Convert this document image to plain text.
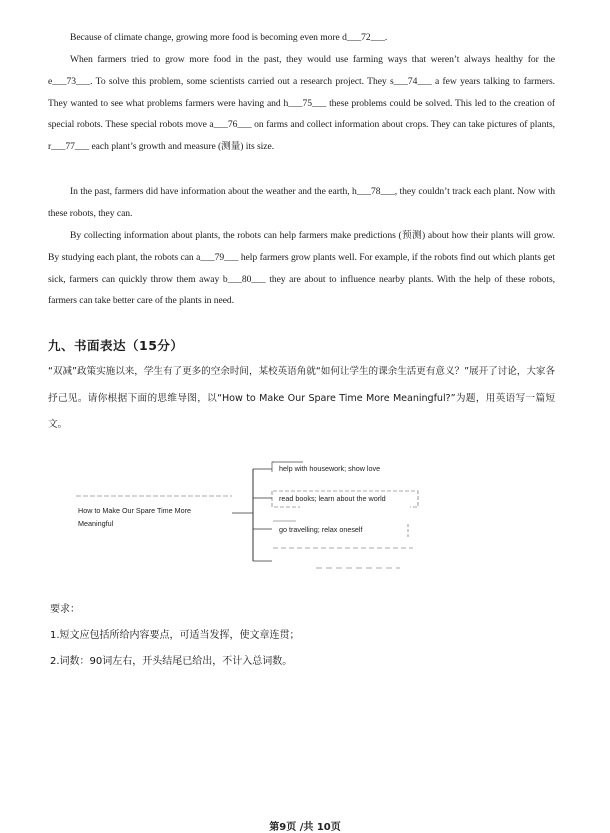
Because of climate change, growing more food is becoming even more d___72___.
When farmers tried to grow more food in the past, they would use farming ways that weren’t always healthy for the e___73___. To solve this problem, some scientists carried out a research project. They s___74___ a few years talking to farmers. They wanted to see what problems farmers were having and h___75___ these problems could be solved. This led to the creation of special robots. These special robots move a___76___ on farms and collect information about crops. They can take pictures of plants, r___77___ each plant’s growth and measure (测量) its size.
In the past, farmers did have information about the weather and the earth, h___78___, they couldn’t track each plant. Now with these robots, they can.
By collecting information about plants, the robots can help farmers make predictions (预测) about how their plants will grow. By studying each plant, the robots can a___79___ help farmers grow plants well. For example, if the robots find out which plants get sick, farmers can quickly throw them away b___80___ they are about to influence nearby plants. With the help of these robots, farmers can take better care of the plants in need.
九、书面表达（15分）
“双减”政策实施以来，学生有了更多的空余时间，某校英语角就“如何让学生的课余生活更有意义？”展开了讨论，大家各抒己见。请你根据下面的思维导图，以“How to Make Our Spare Time More Meaningful?”为题，用英语写一篇短文。
How to Make Our Spare Time More Meaningful
help with housework; show love
read books; learn about the world
go travelling; relax oneself
要求：
1.短文应包括所给内容要点，可适当发挥，使文章连贯；
2.词数：90词左右，开头结尾已给出，不计入总词数。
第9页 /共 10页
